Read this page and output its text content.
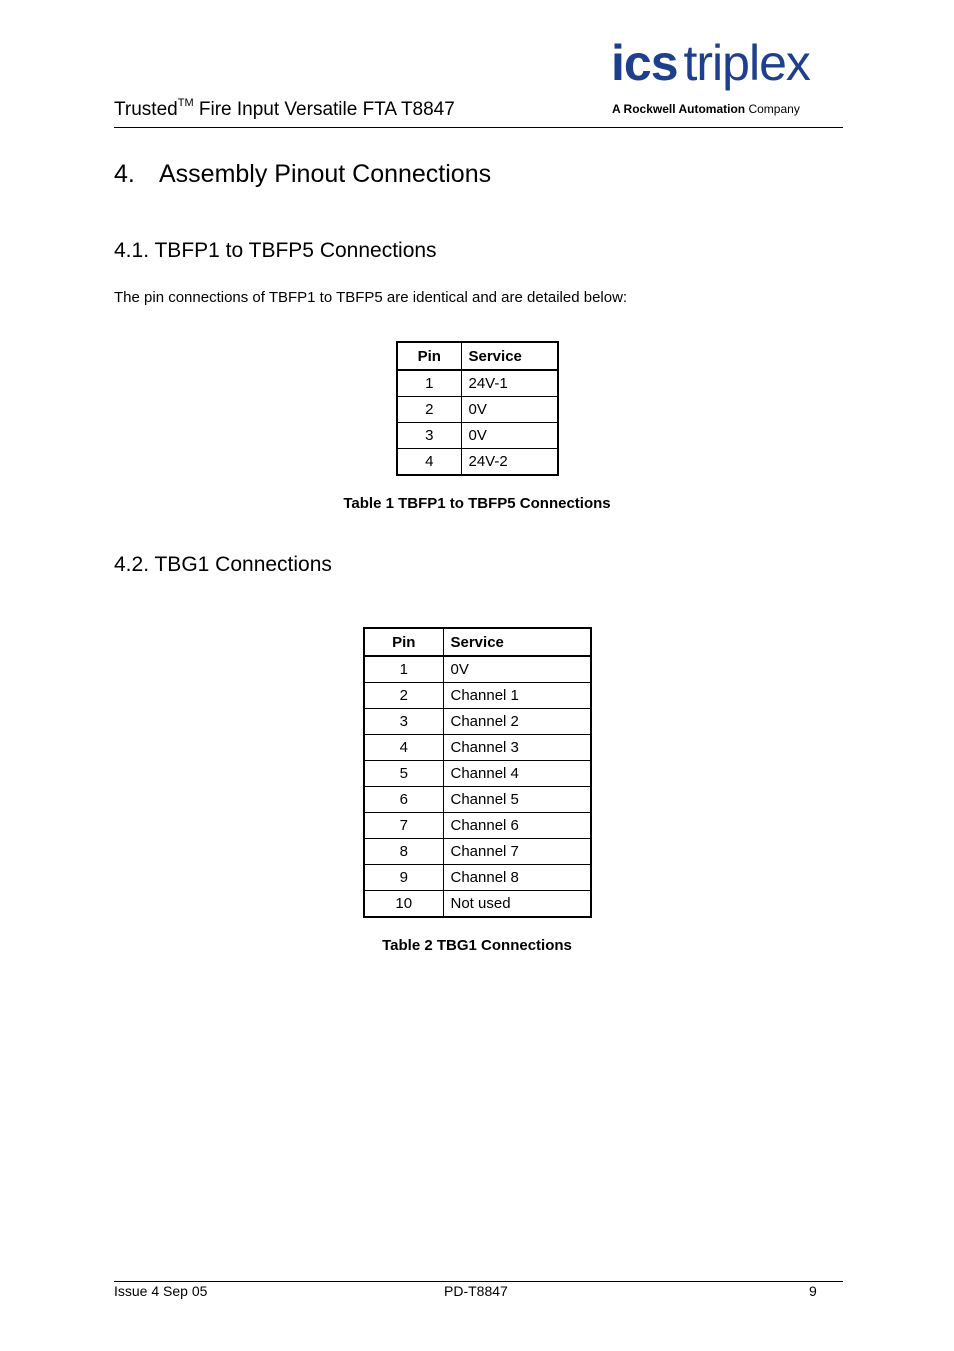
Trusted™ Fire Input Versatile FTA T8847
ics triplex
A Rockwell Automation Company
4. Assembly Pinout Connections
4.1. TBFP1 to TBFP5 Connections
The pin connections of TBFP1 to TBFP5 are identical and are detailed below:
Pin	Service
1	24V-1
2	0V
3	0V
4	24V-2
Table 1 TBFP1 to TBFP5 Connections
4.2. TBG1 Connections
Pin	Service
1	0V
2	Channel 1
3	Channel 2
4	Channel 3
5	Channel 4
6	Channel 5
7	Channel 6
8	Channel 7
9	Channel 8
10	Not used
Table 2 TBG1 Connections
Issue 4 Sep 05	PD-T8847	9
